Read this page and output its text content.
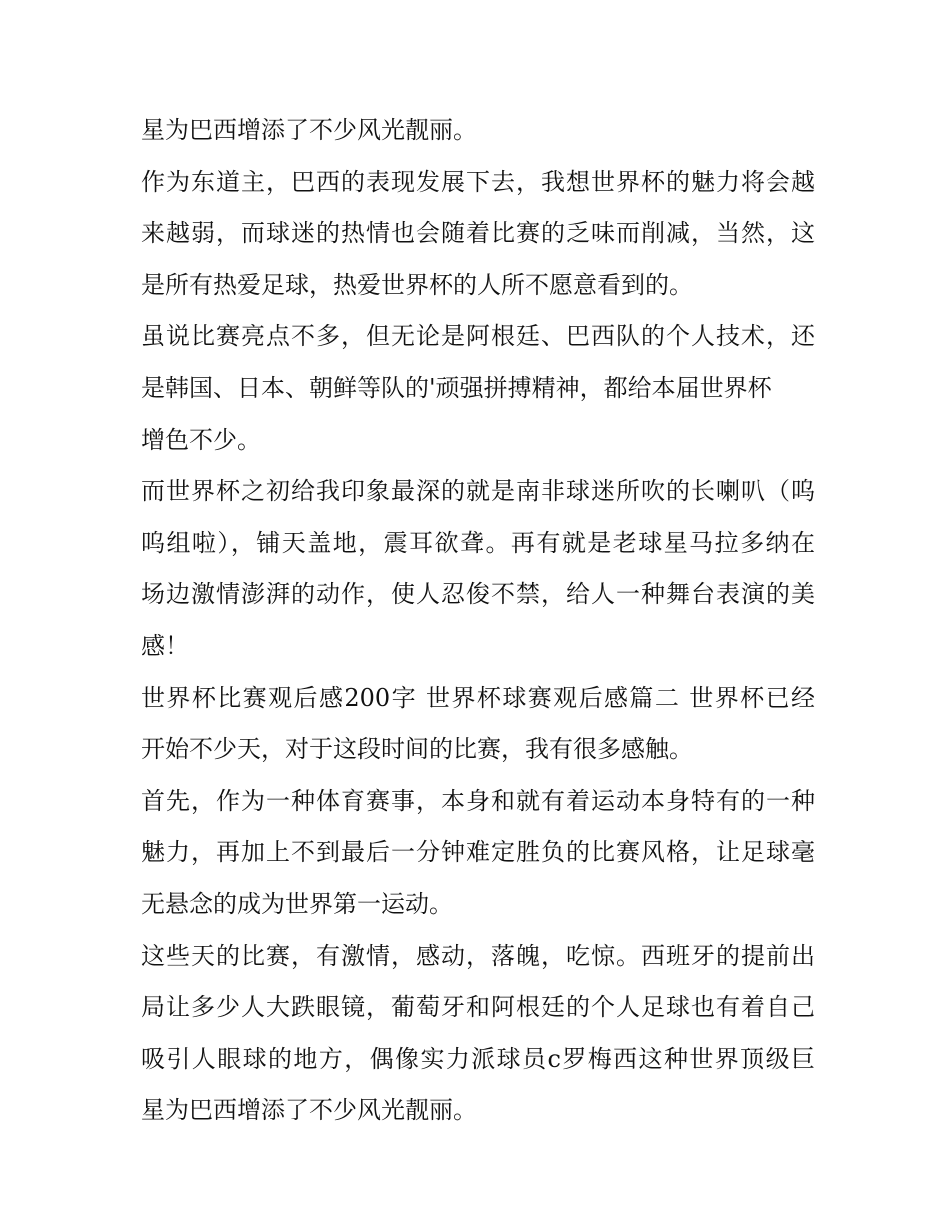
星为巴西增添了不少风光靓丽。
作为东道主，巴西的表现发展下去，我想世界杯的魅力将会越
来越弱，而球迷的热情也会随着比赛的乏味而削减，当然，这
是所有热爱足球，热爱世界杯的人所不愿意看到的。
虽说比赛亮点不多，但无论是阿根廷、巴西队的个人技术，还
是韩国、日本、朝鲜等队的'顽强拼搏精神，都给本届世界杯
增色不少。
而世界杯之初给我印象最深的就是南非球迷所吹的长喇叭（呜
呜组啦），铺天盖地，震耳欲聋。再有就是老球星马拉多纳在
场边激情澎湃的动作，使人忍俊不禁，给人一种舞台表演的美
感！
世界杯比赛观后感200字 世界杯球赛观后感篇二 世界杯已经
开始不少天，对于这段时间的比赛，我有很多感触。
首先，作为一种体育赛事，本身和就有着运动本身特有的一种
魅力，再加上不到最后一分钟难定胜负的比赛风格，让足球毫
无悬念的成为世界第一运动。
这些天的比赛，有激情，感动，落魄，吃惊。西班牙的提前出
局让多少人大跌眼镜，葡萄牙和阿根廷的个人足球也有着自己
吸引人眼球的地方，偶像实力派球员c罗梅西这种世界顶级巨
星为巴西增添了不少风光靓丽。
